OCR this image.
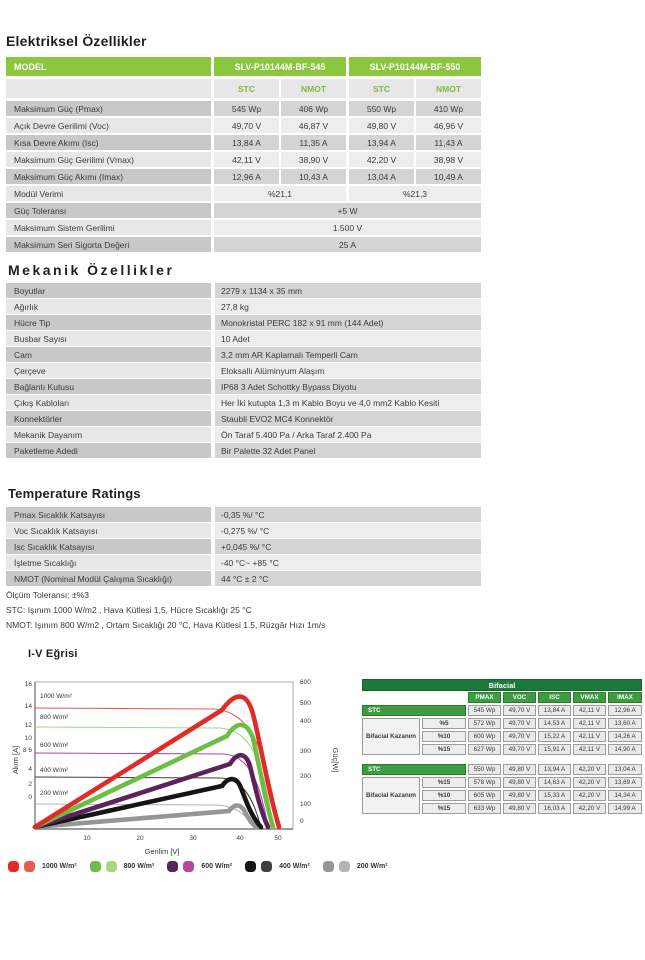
Elektriksel Özellikler
MODEL	SLV-P10144M-BF-545	SLV-P10144M-BF-550
STC	NMOT	STC	NMOT
Maksimum Güç (Pmax)	545 Wp	406 Wp	550 Wp	410 Wp
Açık Devre Gerilimi (Voc)	49,70 V	46,87 V	49,80 V	46,96 V
Kısa Devre Akımı (Isc)	13,84 A	11,35 A	13,94 A	11,43 A
Maksimum Güç Gerilimi (Vmax)	42,11 V	38,90 V	42,20 V	38,98 V
Maksimum Güç Akımı (Imax)	12,96 A	10,43 A	13,04 A	10,49 A
Modül Verimi	%21,1	%21,3
Güç Toleransı	+5 W
Maksimum Sistem Gerilimi	1.500 V
Maksimum Seri Sigorta Değeri	25 A
Mekanik Özellikler
Boyutlar	2279 x 1134 x 35 mm
Ağırlık	27,8 kg
Hücre Tip	Monokristal PERC 182 x 91 mm (144 Adet)
Busbar Sayısı	10 Adet
Cam	3,2 mm AR Kaplamalı Temperli Cam
Çerçeve	Eloksallı Alüminyum Alaşım
Bağlantı Kutusu	IP68 3 Adet Schottky Bypass Diyotu
Çıkış Kabloları	Her İki kutupta 1,3 m Kablo Boyu ve 4,0 mm2 Kablo Kesiti
Konnektörler	Staubli EVO2 MC4 Konnektör
Mekanik Dayanım	Ön Taraf 5.400 Pa / Arka Taraf 2.400 Pa
Paketleme Adedi	Bir Palette 32 Adet Panel
Temperature Ratings
Pmax Sıcaklık Katsayısı	-0,35 %/ °C
Voc Sıcaklık Katsayısı	-0,275 %/ °C
Isc Sıcaklık Katsayısı	+0,045 %/ °C
İşletme Sıcaklığı	-40 °C~ +85 °C
NMOT (Nominal Modül Çalışma Sıcaklığı)	44 °C ± 2 °C
Ölçüm Toleransı: ±%3
STC: Işınım 1000 W/m2 , Hava Kütlesi 1,5, Hücre Sıcaklığı 25 °C
NMOT: Işınım 800 W/m2 , Ortam Sıcaklığı 20 °C, Hava Kütlesi 1.5, Rüzgâr Hızı 1m/s
I-V Eğrisi
Akım [A]	Güç[W]
Gerilim [V]
16
14
12
10
8 6
4
2
0
600
500
400
300
200
100
0
10	20	30	40	50
1000 W/m²
800 W/m²
600 W/m²
400 W/m²
200 W/m²
1000 W/m²	800 W/m²	600 W/m²	400 W/m²	200 W/m²
Bifacial
PMAX	VOC	ISC	VMAX	IMAX
STC	545 Wp	49,70 V	13,84 A	42,11 V	12,96 A
Bifacial Kazanım
%5	572 Wp	49,70 V	14,53 A	42,11 V	13,60 A
%10	600 Wp	49,70 V	15,22 A	42,11 V	14,26 A
%15	627 Wp	49,70 V	15,91 A	42,11 V	14,90 A
STC	550 Wp	49,80 V	13,94 A	42,20 V	13,04 A
Bifacial Kazanım
%15	578 Wp	49,80 V	14,63 A	42,20 V	13,69 A
%10	605 Wp	49,80 V	15,33 A	42,20 V	14,34 A
%15	633 Wp	49,80 V	16,03 A	42,20 V	14,99 A
